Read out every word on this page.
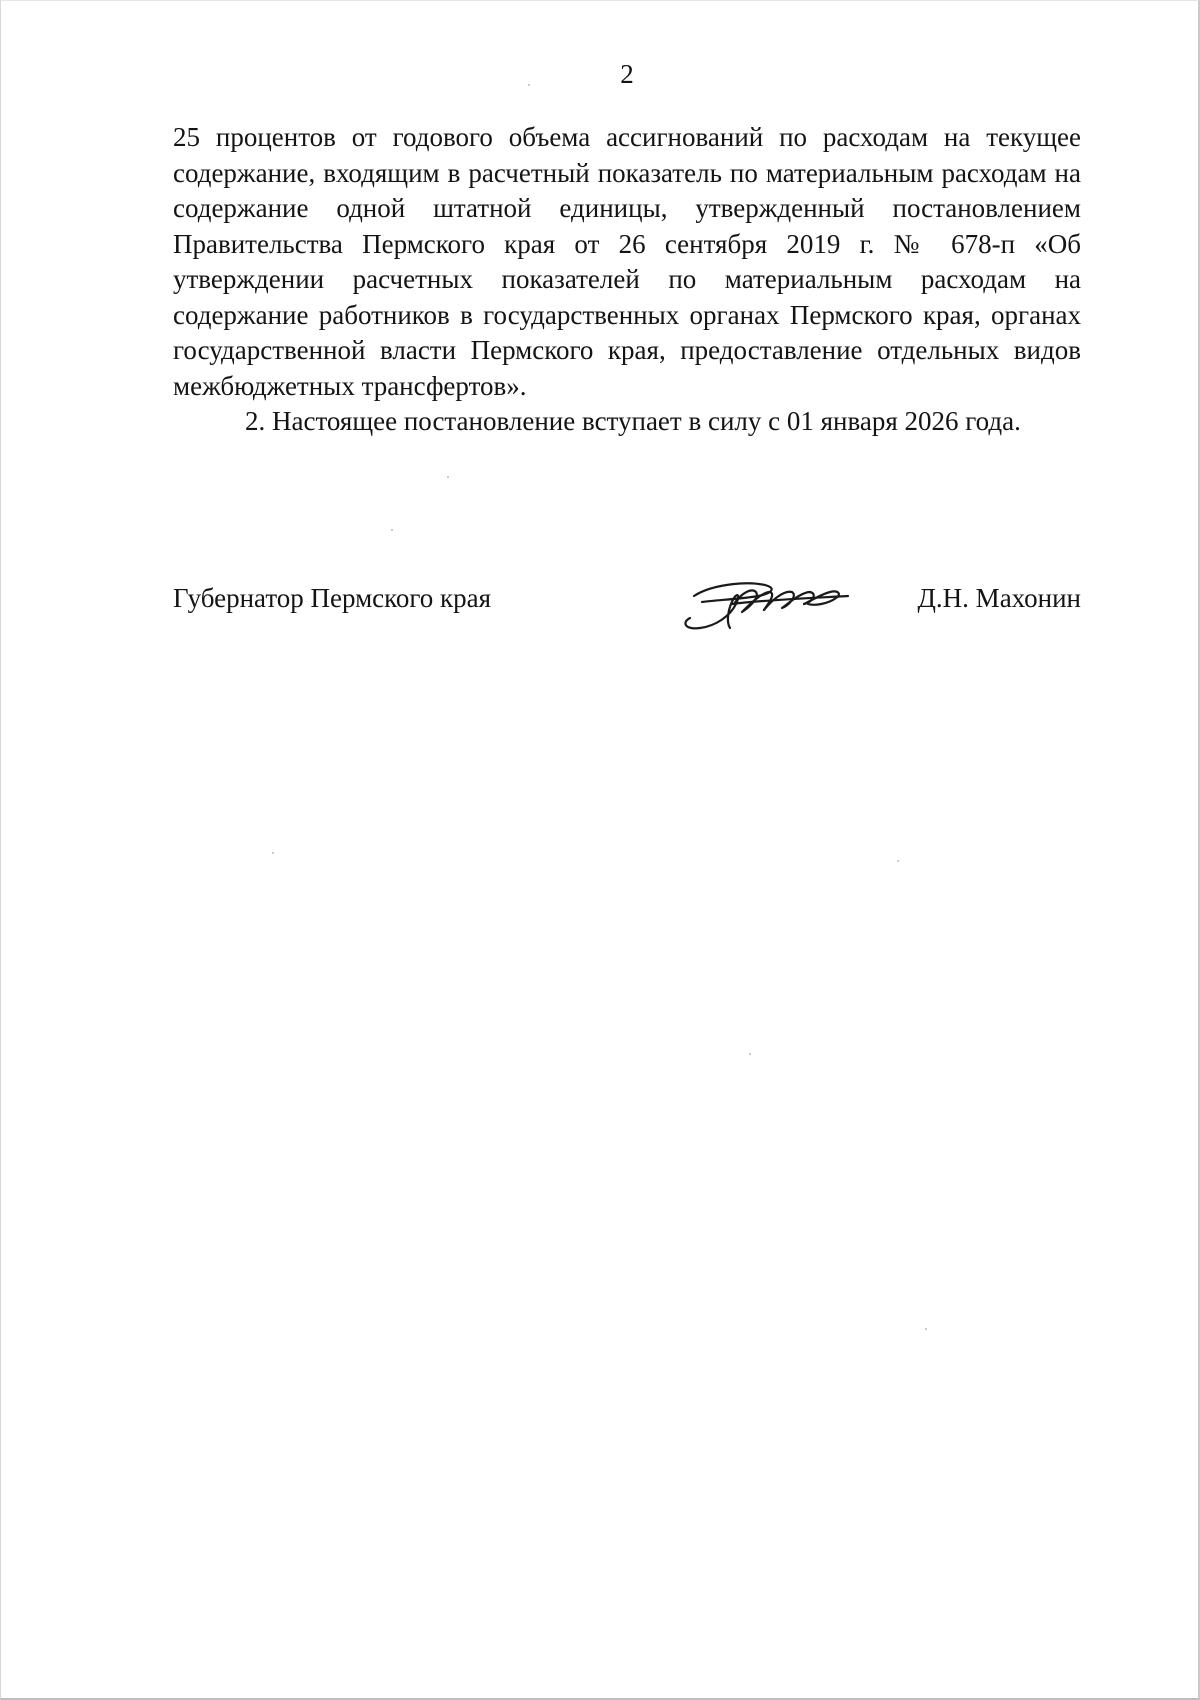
2

25 процентов от годового объема ассигнований по расходам на текущее содержание, входящим в расчетный показатель по материальным расходам на содержание одной штатной единицы, утвержденный постановлением Правительства Пермского края от 26 сентября 2019 г. № 678-п «Об утверждении расчетных показателей по материальным расходам на содержание работников в государственных органах Пермского края, органах государственной власти Пермского края, предоставление отдельных видов межбюджетных трансфертов».

2. Настоящее постановление вступает в силу с 01 января 2026 года.

Губернатор Пермского края	Д.Н. Махонин
